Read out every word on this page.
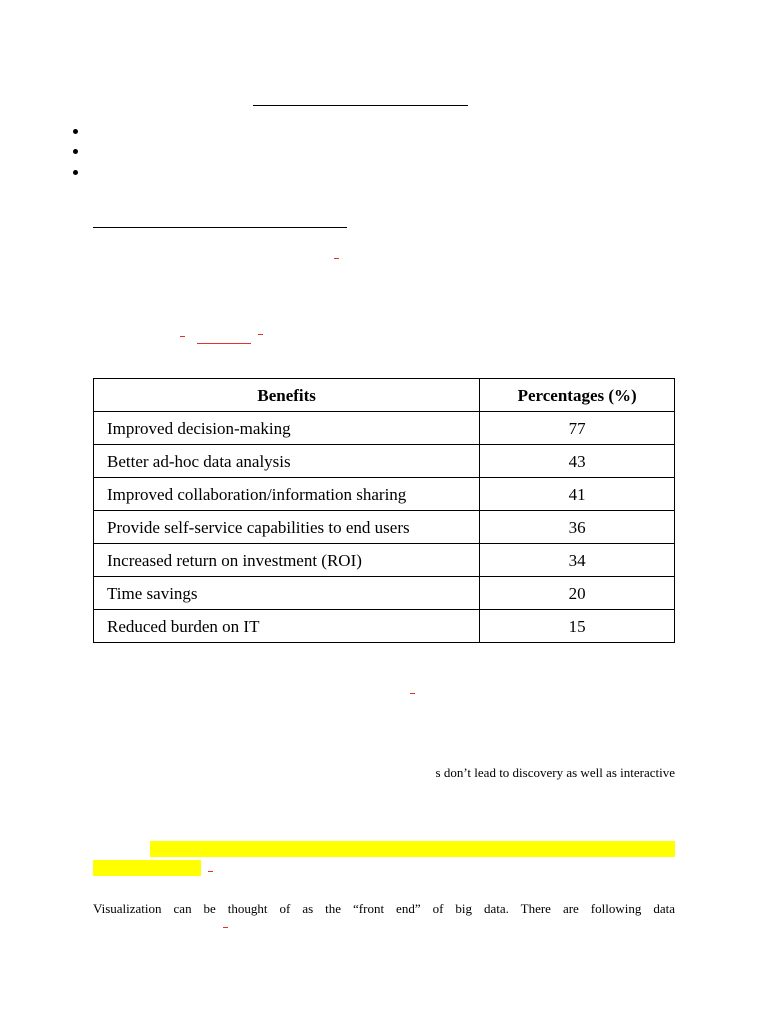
Benefits	Percentages (%)
Improved decision-making	77
Better ad-hoc data analysis	43
Improved collaboration/information sharing	41
Provide self-service capabilities to end users	36
Increased return on investment (ROI)	34
Time savings	20
Reduced burden on IT	15
s don’t lead to discovery as well as interactive
Visualization can be thought of as the “front end” of big data. There are following data
